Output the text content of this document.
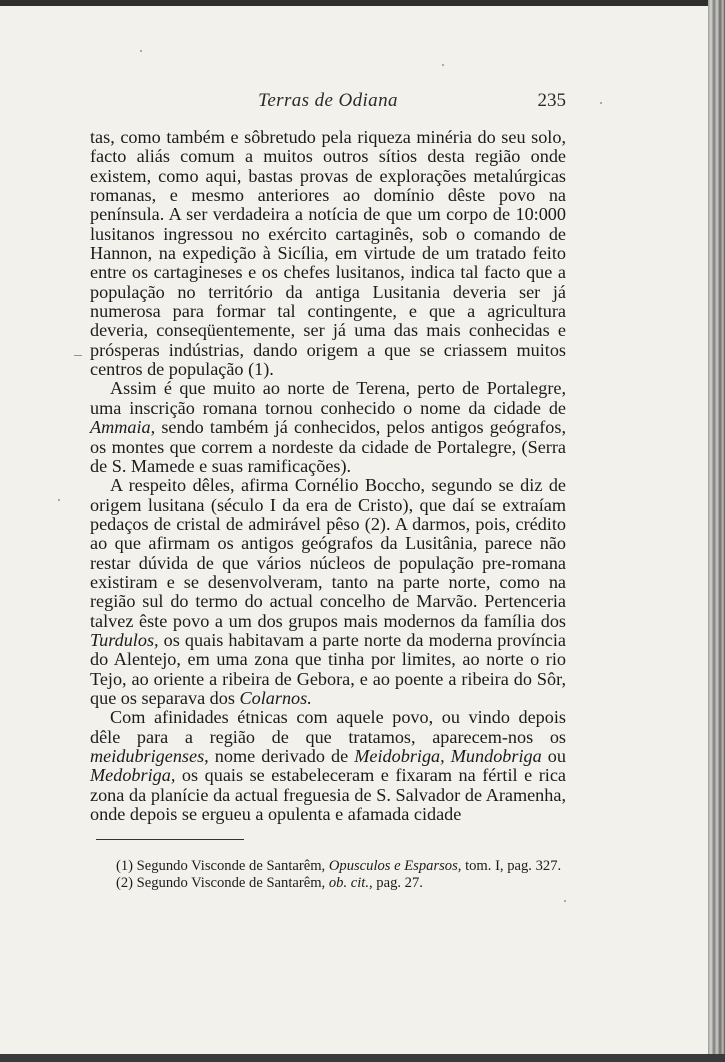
Terras de Odiana	235

tas, como também e sôbretudo pela riqueza minéria do seu solo, facto aliás comum a muitos outros sítios desta região onde existem, como aqui, bastas provas de explorações metalúrgicas romanas, e mesmo anteriores ao domínio dêste povo na península. A ser verdadeira a notícia de que um corpo de 10:000 lusitanos ingressou no exército cartaginês, sob o comando de Hannon, na expedição à Sicília, em virtude de um tratado feito entre os cartagineses e os chefes lusitanos, indica tal facto que a população no território da antiga Lusitania deveria ser já numerosa para formar tal contingente, e que a agricultura deveria, conseqüentemente, ser já uma das mais conhecidas e prósperas indústrias, dando origem a que se criassem muitos centros de população (1).

Assim é que muito ao norte de Terena, perto de Portalegre, uma inscrição romana tornou conhecido o nome da cidade de Ammaia, sendo também já conhecidos, pelos antigos geógrafos, os montes que correm a nordeste da cidade de Portalegre, (Serra de S. Mamede e suas ramificações).

A respeito dêles, afirma Cornélio Boccho, segundo se diz de origem lusitana (século I da era de Cristo), que daí se extraíam pedaços de cristal de admirável pêso (2). A darmos, pois, crédito ao que afirmam os antigos geógrafos da Lusitânia, parece não restar dúvida de que vários núcleos de população pre-romana existiram e se desenvolveram, tanto na parte norte, como na região sul do termo do actual concelho de Marvão. Pertenceria talvez êste povo a um dos grupos mais modernos da família dos Turdulos, os quais habitavam a parte norte da moderna província do Alentejo, em uma zona que tinha por limites, ao norte o rio Tejo, ao oriente a ribeira de Gebora, e ao poente a ribeira do Sôr, que os separava dos Colarnos.

Com afinidades étnicas com aquele povo, ou vindo depois dêle para a região de que tratamos, aparecem-nos os meidubrigenses, nome derivado de Meidobriga, Mundobriga ou Medobriga, os quais se estabeleceram e fixaram na fértil e rica zona da planície da actual freguesia de S. Salvador de Aramenha, onde depois se ergueu a opulenta e afamada cidade

(1) Segundo Visconde de Santarêm, Opusculos e Esparsos, tom. I, pag. 327.

(2) Segundo Visconde de Santarêm, ob. cit., pag. 27.
